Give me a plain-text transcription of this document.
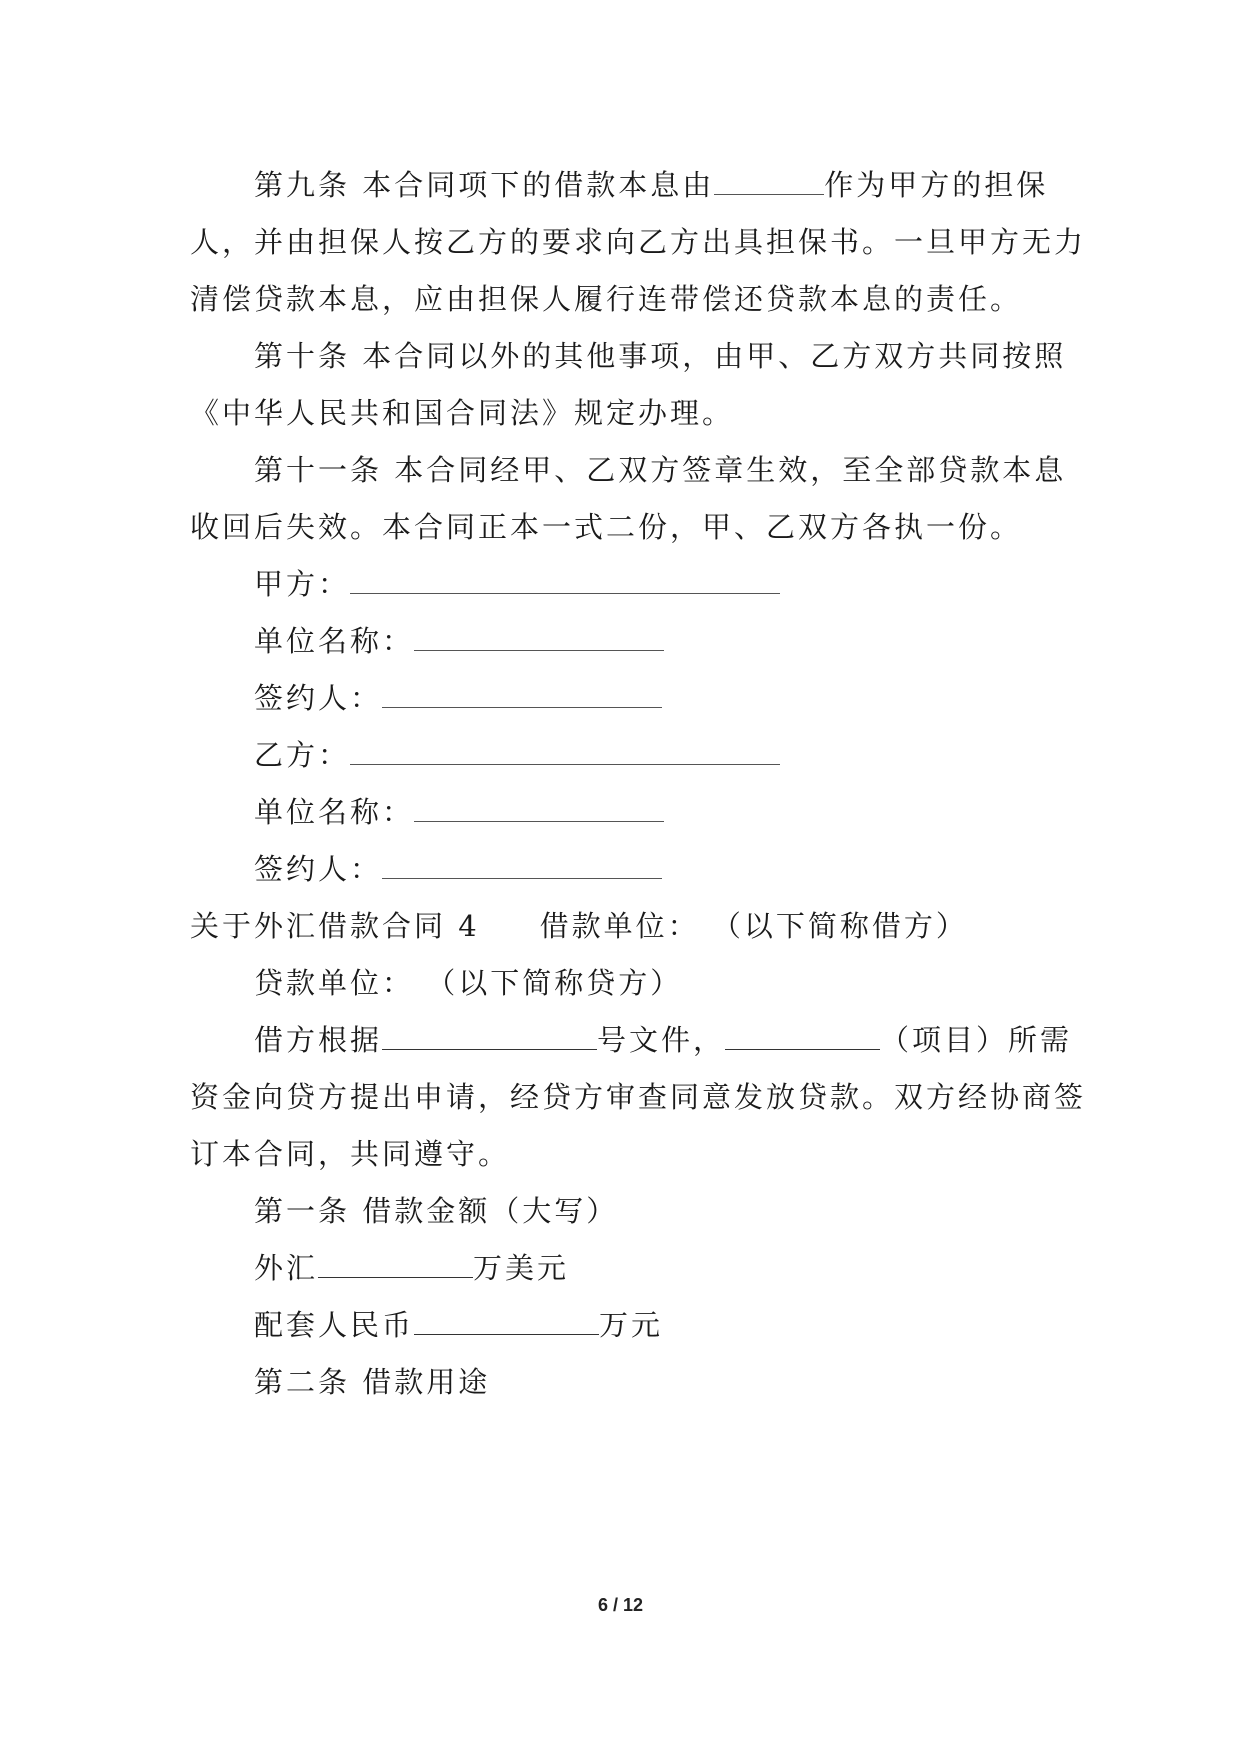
第九条 本合同项下的借款本息由	作为甲方的担保
人，并由担保人按乙方的要求向乙方出具担保书。一旦甲方无力
清偿贷款本息，应由担保人履行连带偿还贷款本息的责任。
第十条 本合同以外的其他事项，由甲、乙方双方共同按照
《中华人民共和国合同法》规定办理。
第十一条 本合同经甲、乙双方签章生效，至全部贷款本息
收回后失效。本合同正本一式二份，甲、乙双方各执一份。
甲方：
单位名称：
签约人：
乙方：
单位名称：
签约人：
关于外汇借款合同 4 借款单位： （以下简称借方）
贷款单位： （以下简称贷方）
借方根据	号文件，	（项目）所需
资金向贷方提出申请，经贷方审查同意发放贷款。双方经协商签
订本合同，共同遵守。
第一条 借款金额（大写）
外汇	万美元
配套人民币	万元
第二条 借款用途
6 / 12
